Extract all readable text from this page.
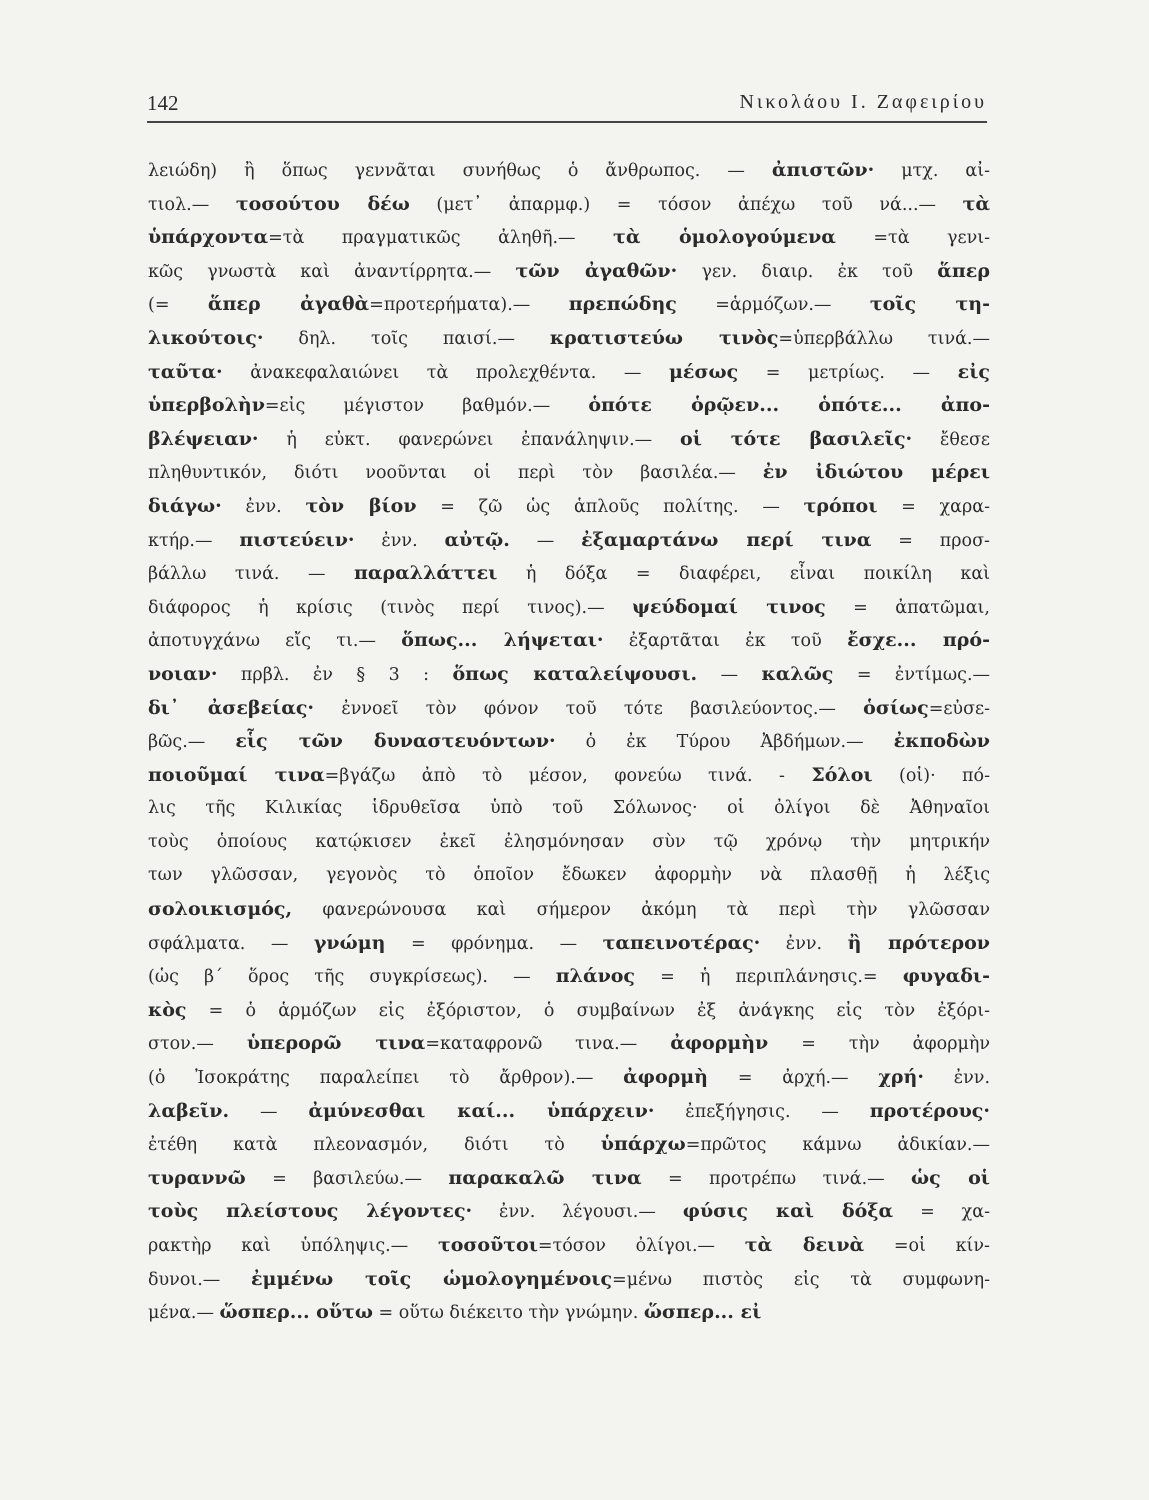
142	Νικολάου Ι. Ζαφειρίου
λειώδη) ἢ ὅπως γεννᾶται συνήθως ὁ ἄνθρωπος. — ἀπιστῶν· μτχ. αἰ-
τιολ.— τοσούτου δέω (μετ᾽ ἀπαρμφ.) = τόσον ἀπέχω τοῦ νά...— τὰ
ὑπάρχοντα=τὰ πραγματικῶς ἀληθῆ.— τὰ ὁμολογούμενα =τὰ γενι-
κῶς γνωστὰ καὶ ἀναντίρρητα.— τῶν ἀγαθῶν· γεν. διαιρ. ἐκ τοῦ ἅπερ
(= ἅπερ ἀγαθὰ=προτερήματα).— πρεπώδης =ἁρμόζων.— τοῖς τη-
λικούτοις· δηλ. τοῖς παισί.— κρατιστεύω τινὸς=ὑπερβάλλω τινά.—
ταῦτα· ἀνακεφαλαιώνει τὰ προλεχθέντα. — μέσως = μετρίως. — εἰς
ὑπερβολὴν=εἰς μέγιστον βαθμόν.— ὁπότε ὁρῷεν... ὁπότε... ἀπο-
βλέψειαν· ἡ εὐκτ. φανερώνει ἐπανάληψιν.— οἱ τότε βασιλεῖς· ἔθεσε
πληθυντικόν, διότι νοοῦνται οἱ περὶ τὸν βασιλέα.— ἐν ἰδιώτου μέρει
διάγω· ἐνν. τὸν βίον = ζῶ ὡς ἁπλοῦς πολίτης. — τρόποι = χαρα-
κτήρ.— πιστεύειν· ἐνν. αὐτῷ. — ἐξαμαρτάνω περί τινα = προσ-
βάλλω τινά. — παραλλάττει ἡ δόξα = διαφέρει, εἶναι ποικίλη καὶ
διάφορος ἡ κρίσις (τινὸς περί τινος).— ψεύδομαί τινος = ἀπατῶμαι,
ἀποτυγχάνω εἴς τι.— ὅπως... λήψεται· ἐξαρτᾶται ἐκ τοῦ ἔσχε... πρό-
νοιαν· πρβλ. ἐν § 3 : ὅπως καταλείψουσι. — καλῶς = ἐντίμως.—
δι᾽ ἀσεβείας· ἐννοεῖ τὸν φόνον τοῦ τότε βασιλεύοντος.— ὁσίως=εὐσε-
βῶς.— εἷς τῶν δυναστευόντων· ὁ ἐκ Τύρου Ἀβδήμων.— ἐκποδὼν
ποιοῦμαί τινα=βγάζω ἀπὸ τὸ μέσον, φονεύω τινά. - Σόλοι (οἱ)· πό-
λις τῆς Κιλικίας ἱδρυθεῖσα ὑπὸ τοῦ Σόλωνος· οἱ ὀλίγοι δὲ Ἀθηναῖοι
τοὺς ὁποίους κατῴκισεν ἐκεῖ ἐλησμόνησαν σὺν τῷ χρόνῳ τὴν μητρικήν
των γλῶσσαν, γεγονὸς τὸ ὁποῖον ἔδωκεν ἀφορμὴν νὰ πλασθῇ ἡ λέξις
σολοικισμός, φανερώνουσα καὶ σήμερον ἀκόμη τὰ περὶ τὴν γλῶσσαν
σφάλματα. — γνώμη = φρόνημα. — ταπεινοτέρας· ἐνν. ἢ πρότερον
(ὡς β´ ὅρος τῆς συγκρίσεως). — πλάνος = ἡ περιπλάνησις.= φυγαδι-
κὸς = ὁ ἁρμόζων εἰς ἐξόριστον, ὁ συμβαίνων ἐξ ἀνάγκης εἰς τὸν ἐξόρι-
στον.— ὑπερορῶ τινα=καταφρονῶ τινα.— ἀφορμὴν = τὴν ἀφορμὴν
(ὁ Ἰσοκράτης παραλείπει τὸ ἄρθρον).— ἀφορμὴ = ἀρχή.— χρή· ἐνν.
λαβεῖν. — ἀμύνεσθαι καί... ὑπάρχειν· ἐπεξήγησις. — προτέρους·
ἐτέθη κατὰ πλεονασμόν, διότι τὸ ὑπάρχω=πρῶτος κάμνω ἀδικίαν.—
τυραννῶ = βασιλεύω.— παρακαλῶ τινα = προτρέπω τινά.— ὡς οἱ
τοὺς πλείστους λέγοντες· ἐνν. λέγουσι.— φύσις καὶ δόξα = χα-
ρακτὴρ καὶ ὑπόληψις.— τοσοῦτοι=τόσον ὀλίγοι.— τὰ δεινὰ =οἱ κίν-
δυνοι.— ἐμμένω τοῖς ὡμολογημένοις=μένω πιστὸς εἰς τὰ συμφωνη-
μένα.— ὥσπερ... οὕτω = οὕτω διέκειτο τὴν γνώμην. ὥσπερ... εἰ
